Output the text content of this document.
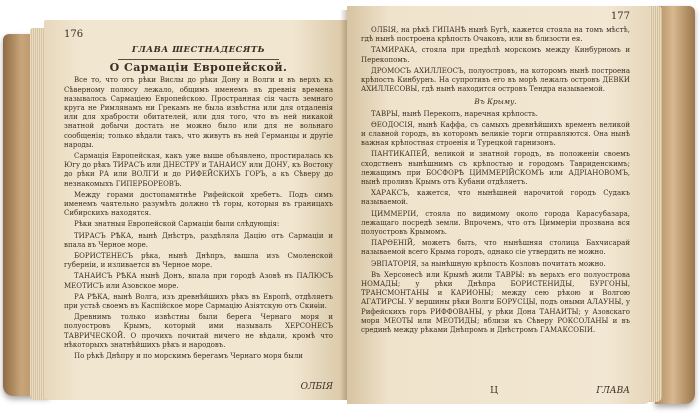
176
ГЛАВА ШЕСТНАДЕСЯТЬ
О Сармацiи Европейской.

Все то, что отъ рѣки Вислы до рѣки Дону и Волги и въ верхъ къ Сѣверному полюсу лежало, общимъ именемъ въ древнiя времена называлось Сармацiею Европейскою. Пространная сiя часть земнаго круга не Римлянамъ ни Грекамъ не была извѣстна или для отдаленiя или для храбрости обитателей, или для того, что въ ней никакой знатной добычи достать не можно было или для не вольнаго сообщенiя; только вѣдали такъ, что живутъ въ ней Германцы и другiе народы.

Сармацiя Европейская, какъ уже выше объявлено, простиралась къ Югу до рѣкъ ТИРАСЪ или ДНЕСТРУ и ТАНАИСУ или ДОНУ, къ Востоку до рѣки РА или ВОЛГИ и до РИФЕЙСКИХЪ ГОРЪ, а къ Сѣверу до незнакомыхъ ГИПЕРБОРЕОВЪ.

Между горами достопамятнѣе Рифейской хребетъ. Подъ симъ именемъ чаятельно разумѣть должно тѣ горы, которыя въ границахъ Сибирскихъ находятся.

Рѣки знатныя Европейской Сармацiи были слѣдующiя:

ТИРАСЪ РѢКА, нынѣ Днѣстръ, раздѣляла Дацiю отъ Сармацiи и впала въ Черное море.

БОРИСТЕНЕСЪ рѣка, нынѣ Днѣпръ, вышла изъ Смоленской губернiи, и изливается въ Черное море.

ТАНАИСЪ РѢКА нынѣ Донъ, впала при городѣ Азовѣ въ ПАЛЮСЪ МЕОТИСЪ или Азовское море.

РА РѢКА, нынѣ Волга, изъ древнѣйшихъ рѣкъ въ Европѣ, отдѣляетъ при устьѣ своемъ въ Каспiйское море Сармацiю Азiятскую отъ Скиѳiи.

Древнимъ только извѣстны были берега Чернаго моря и полуостровъ Крымъ, который ими называлъ ХЕРСОНЕСЪ ТАВРИЧЕСКОЙ. О прочихъ почитай ничего не вѣдали, кромѣ что нѣкоторыхъ знатнѣйшихъ рѣкъ и народовъ.

По рѣкѣ Днѣпру и по морскимъ берегамъ Чернаго моря были

ОЛБIЯ
177

ОЛБIЯ, на рѣкѣ ГИПАНѢ нынѣ Бугѣ, кажется стояла на томъ мѣстѣ, гдѣ нынѣ построена крѣпость Очаковъ, или въ близости ея.

ТАМИРАКА, стояла при предѣлѣ морскомъ между Кинбурномъ и Перекопомъ.

ДРОМОСЪ АХИЛЛЕОСЪ, полуостровъ, на которомъ нынѣ построена крѣпость Кинбурнъ. На супротивъ его въ морѣ лежалъ островъ ДЕВКИ АХИЛЛЕСОВЫ, гдѣ нынѣ находится островъ Тендра называемой.

Въ Крыму.

ТАВРЫ, нынѣ Перекопъ, наречная крѣпость.

ѲЕОДОСIЯ, нынѣ Каффа, съ самыхъ древнѣйшихъ временъ великой и славной городъ, въ которомъ великiе торги отправляются. Она нынѣ важная крѣпостная строенiя и Турецкой гарнизонъ.

ПАНТИКАПЕЙ, великой и знатной городъ, въ положенiи своемъ сходственъ нынѣшнимъ съ крѣпостью и городомъ Тавриденскимъ; лежащимъ при БОСФОРѢ ЦИММЕРIЙСКОМЪ или АДРIАНОВОМЪ, нынѣ проливъ Крымъ отъ Кубани отдѣляетъ.

ХАРАКСЪ, кажется, что нынѣшней нарочитой городъ Судакъ называемой.

ЦИММЕРIИ, стояла по видимому около города Карасубазара, лежащаго посредѣ земли. Впрочемъ, что отъ Циммерiи прозвана вся полуостровъ Крымомъ.

ПАРѲЕНIЙ, можетъ быть, что нынѣшняя столица Бахчисарай называемой всего Крыма городъ, однако сіе утвердить не можно.

ЭВПАТОРIЯ, за нынѣшную крѣпость Козловъ почитать можно.

Въ Херсонесѣ или Крымѣ жили ТАВРЫ: въ верьхъ его полуострова НОМАДЫ; у рѣки Днѣпра БОРИСТЕНИДЫ, БУРГОНЫ, ТРАНСМОНТАНЫ и КАРИОНЫ; между сею рѣкою и Волгою АГАТИРСЫ. У вершины рѣки Волги БОРУСЦЫ, подъ оными АЛАУНЫ, у Рифейскихъ горъ РИФФОВАНЫ, у рѣки Дона ТАНАИТЫ; у Азовскаго моря МЕОТЫ или МЕОТИДЫ; вблизи къ Сѣверу РОКСОЛАНЫ и въ срединѣ между рѣками Днѣпромъ и Днѣстромъ ГАМАКСОБIИ.

Ц	ГЛАВА
